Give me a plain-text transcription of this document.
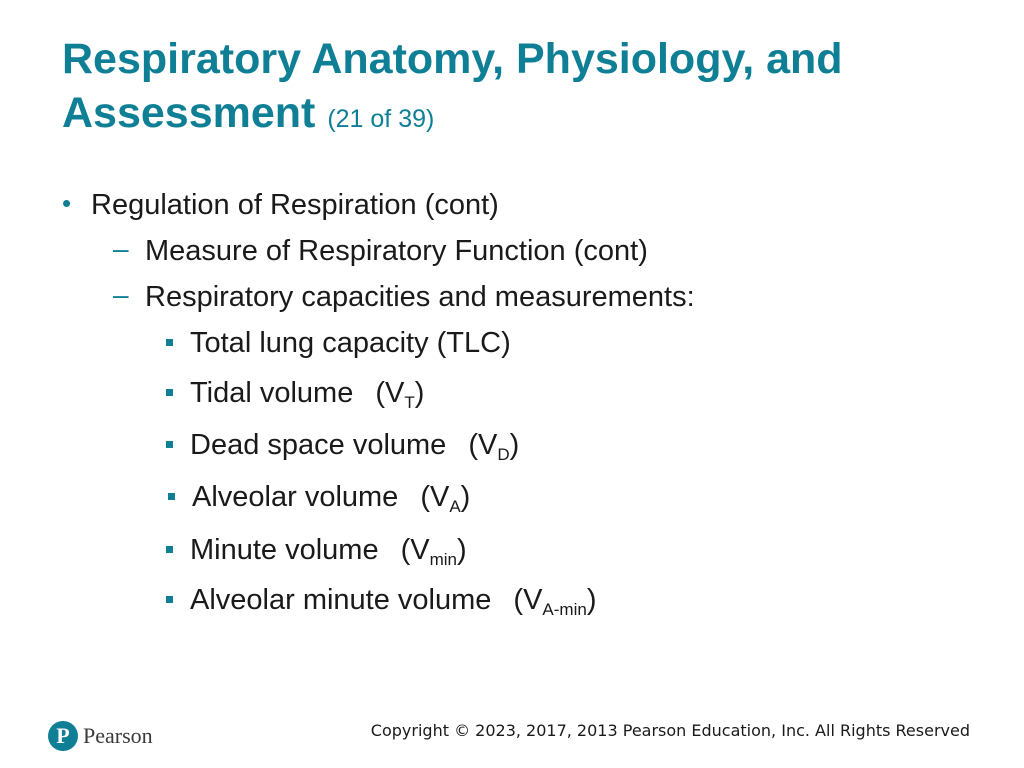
Respiratory Anatomy, Physiology, and
Assessment (21 of 39)
• Regulation of Respiration (cont)
– Measure of Respiratory Function (cont)
– Respiratory capacities and measurements:
Total lung capacity (TLC)
Tidal volume $(V_T)$
Dead space volume $(V_D)$
Alveolar volume $(V_A)$
Minute volume $(V_{min})$
Alveolar minute volume $(V_{A-min})$
P Pearson	Copyright © 2023, 2017, 2013 Pearson Education, Inc. All Rights Reserved
